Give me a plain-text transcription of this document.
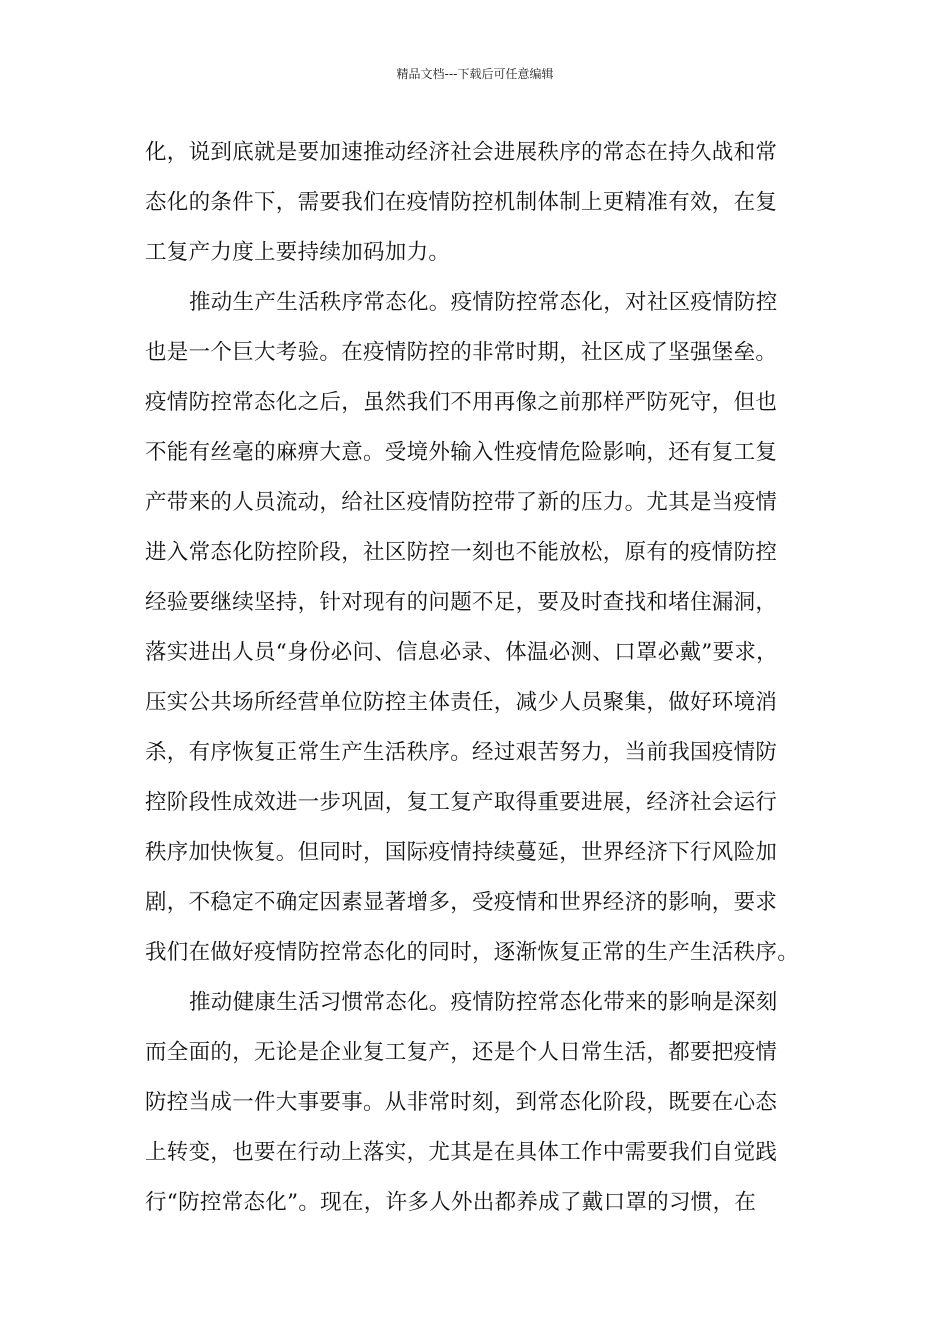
精品文档---下载后可任意编辑
化，说到底就是要加速推动经济社会进展秩序的常态在持久战和常
态化的条件下，需要我们在疫情防控机制体制上更精准有效，在复
工复产力度上要持续加码加力。
推动生产生活秩序常态化。疫情防控常态化，对社区疫情防控
也是一个巨大考验。在疫情防控的非常时期，社区成了坚强堡垒。
疫情防控常态化之后，虽然我们不用再像之前那样严防死守，但也
不能有丝毫的麻痹大意。受境外输入性疫情危险影响，还有复工复
产带来的人员流动，给社区疫情防控带了新的压力。尤其是当疫情
进入常态化防控阶段，社区防控一刻也不能放松，原有的疫情防控
经验要继续坚持，针对现有的问题不足，要及时查找和堵住漏洞，
落实进出人员“身份必问、信息必录、体温必测、口罩必戴”要求，
压实公共场所经营单位防控主体责任，减少人员聚集，做好环境消
杀，有序恢复正常生产生活秩序。经过艰苦努力，当前我国疫情防
控阶段性成效进一步巩固，复工复产取得重要进展，经济社会运行
秩序加快恢复。但同时，国际疫情持续蔓延，世界经济下行风险加
剧，不稳定不确定因素显著增多，受疫情和世界经济的影响，要求
我们在做好疫情防控常态化的同时，逐渐恢复正常的生产生活秩序。
推动健康生活习惯常态化。疫情防控常态化带来的影响是深刻
而全面的，无论是企业复工复产，还是个人日常生活，都要把疫情
防控当成一件大事要事。从非常时刻，到常态化阶段，既要在心态
上转变，也要在行动上落实，尤其是在具体工作中需要我们自觉践
行“防控常态化”。现在，许多人外出都养成了戴口罩的习惯，在
